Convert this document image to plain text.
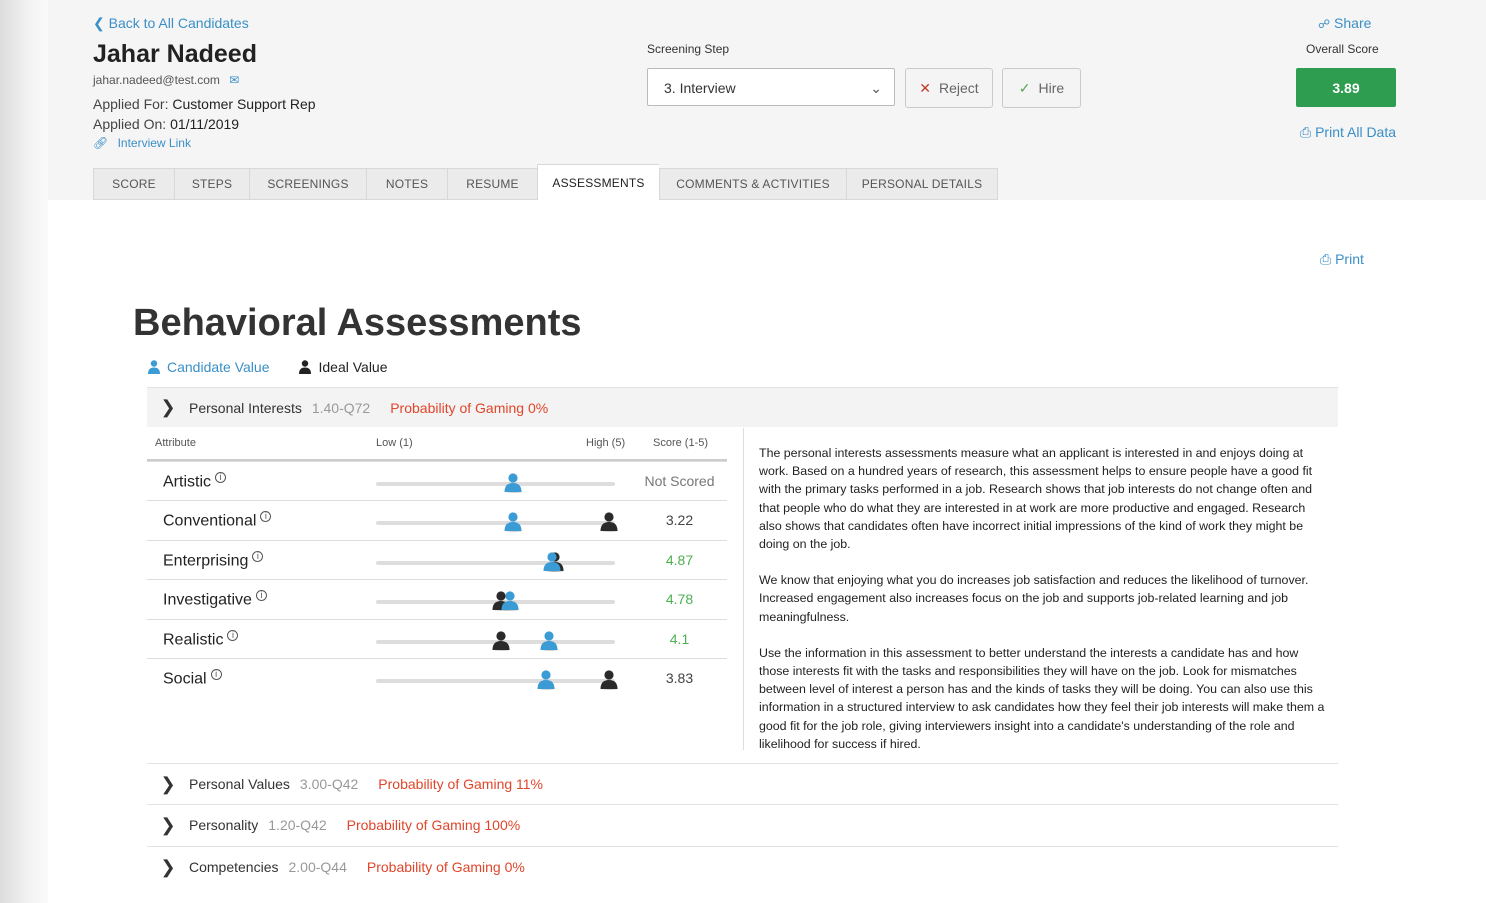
❮ Back to All Candidates
Jahar Nadeed
jahar.nadeed@test.com ✉
Applied For: Customer Support Rep
Applied On: 01/11/2019
🔗︎ Interview Link
Screening Step
3. Interview	⌄	✕ Reject	✓ Hire
☍ Share
Overall Score
3.89
⎙ Print All Data
SCORE	STEPS	SCREENINGS	NOTES	RESUME	ASSESSMENTS	COMMENTS & ACTIVITIES	PERSONAL DETAILS
⎙ Print
Behavioral Assessments
Candidate Value	Ideal Value
❯ Personal Interests 1.40-Q72 Probability of Gaming 0%
Attribute	Low (1)	High (5)	Score (1-5)
Artistic i	Not Scored
Conventional i	3.22
Enterprising i	4.87
Investigative i	4.78
Realistic i	4.1
Social i	3.83

The personal interests assessments measure what an applicant is interested in and enjoys doing at work. Based on a hundred years of research, this assessment helps to ensure people have a good fit with the primary tasks performed in a job. Research shows that job interests do not change often and that people who do what they are interested in at work are more productive and engaged. Research also shows that candidates often have incorrect initial impressions of the kind of work they might be doing on the job.

We know that enjoying what you do increases job satisfaction and reduces the likelihood of turnover. Increased engagement also increases focus on the job and supports job-related learning and job meaningfulness.

Use the information in this assessment to better understand the interests a candidate has and how those interests fit with the tasks and responsibilities they will have on the job. Look for mismatches between level of interest a person has and the kinds of tasks they will be doing. You can also use this information in a structured interview to ask candidates how they feel their job interests will make them a good fit for the job role, giving interviewers insight into a candidate's understanding of the role and likelihood for success if hired.

❯ Personal Values 3.00-Q42 Probability of Gaming 11%
❯ Personality 1.20-Q42 Probability of Gaming 100%
❯ Competencies 2.00-Q44 Probability of Gaming 0%
